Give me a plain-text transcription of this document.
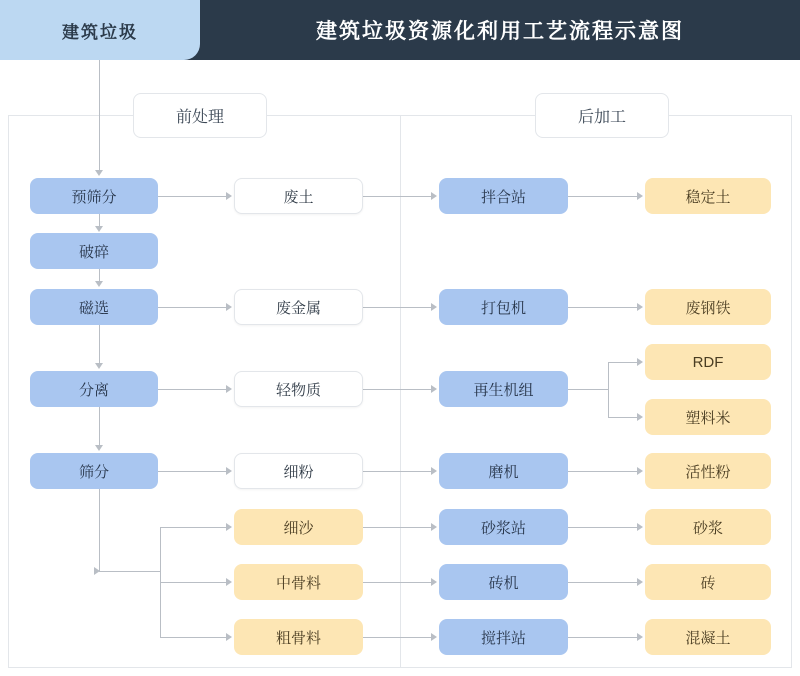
建筑垃圾	建筑垃圾资源化利用工艺流程示意图
前处理	后加工
预筛分
破碎
磁选
分离
筛分
废土
废金属
轻物质
细粉
细沙
中骨料
粗骨料
拌合站
打包机
再生机组
磨机
砂浆站
砖机
搅拌站
稳定土
废钢铁
RDF
塑料米
活性粉
砂浆
砖
混凝土
